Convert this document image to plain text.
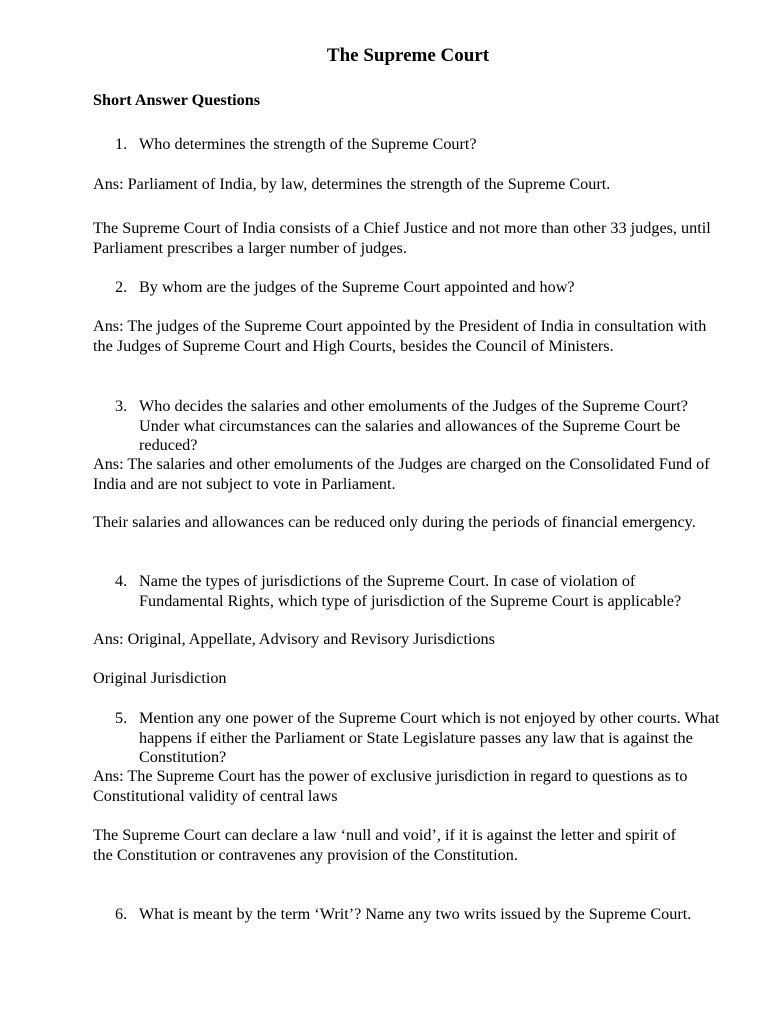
The Supreme Court
Short Answer Questions
1. Who determines the strength of the Supreme Court?
Ans: Parliament of India, by law, determines the strength of the Supreme Court.
The Supreme Court of India consists of a Chief Justice and not more than other 33 judges, until Parliament prescribes a larger number of judges.
2. By whom are the judges of the Supreme Court appointed and how?
Ans: The judges of the Supreme Court appointed by the President of India in consultation with the Judges of Supreme Court and High Courts, besides the Council of Ministers.
3. Who decides the salaries and other emoluments of the Judges of the Supreme Court? Under what circumstances can the salaries and allowances of the Supreme Court be reduced?
Ans: The salaries and other emoluments of the Judges are charged on the Consolidated Fund of India and are not subject to vote in Parliament.
Their salaries and allowances can be reduced only during the periods of financial emergency.
4. Name the types of jurisdictions of the Supreme Court. In case of violation of Fundamental Rights, which type of jurisdiction of the Supreme Court is applicable?
Ans: Original, Appellate, Advisory and Revisory Jurisdictions
Original Jurisdiction
5. Mention any one power of the Supreme Court which is not enjoyed by other courts. What happens if either the Parliament or State Legislature passes any law that is against the Constitution?
Ans: The Supreme Court has the power of exclusive jurisdiction in regard to questions as to Constitutional validity of central laws
The Supreme Court can declare a law ‘null and void’, if it is against the letter and spirit of the Constitution or contravenes any provision of the Constitution.
6. What is meant by the term ‘Writ’? Name any two writs issued by the Supreme Court.
